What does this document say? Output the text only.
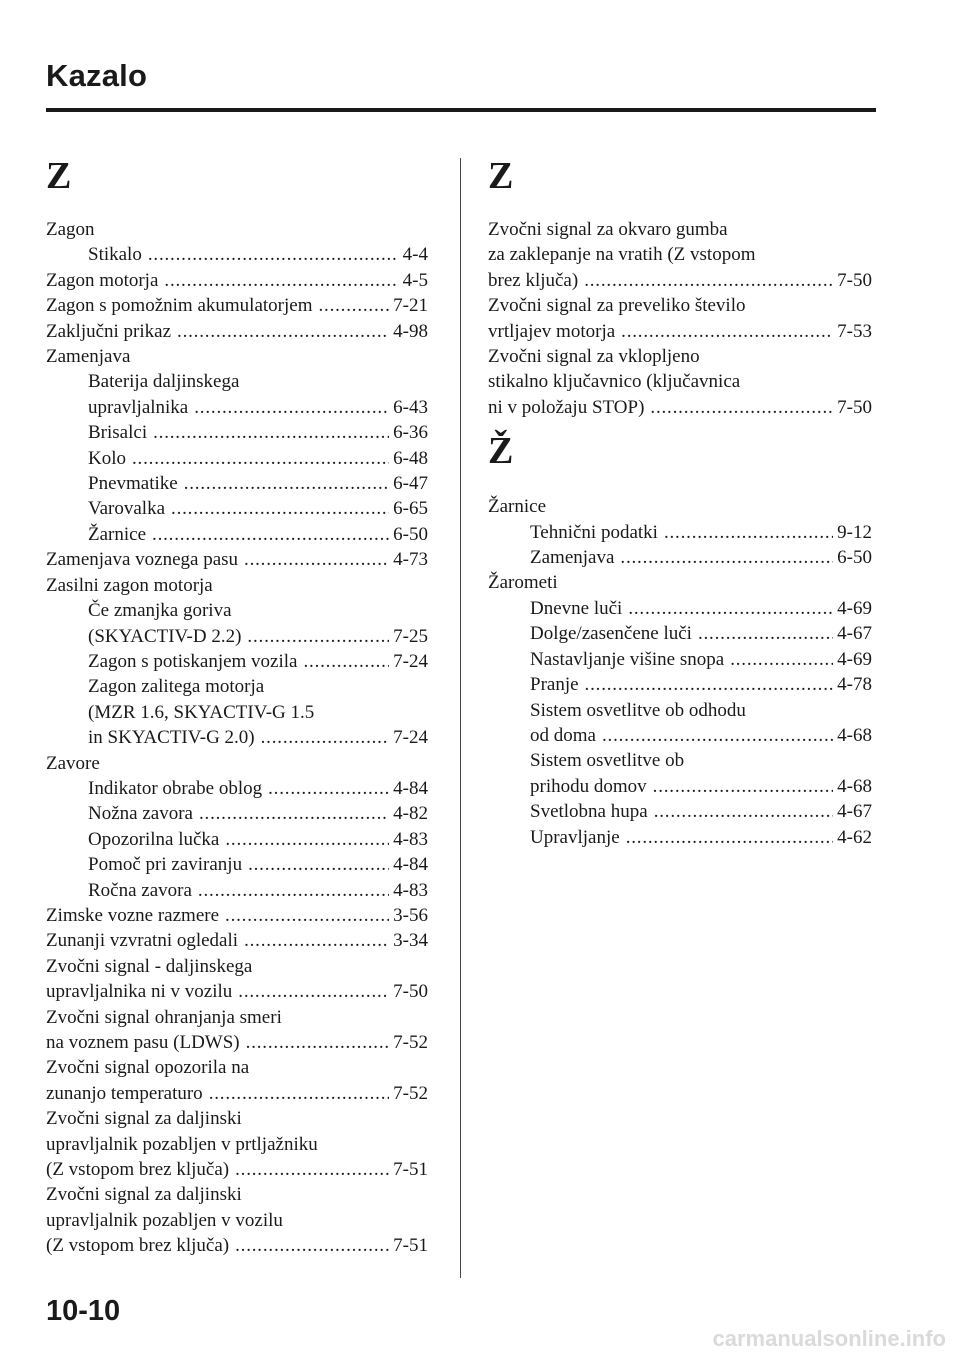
Kazalo
Z
Zagon
Stikalo .....	4-4
Zagon motorja .....	4-5
Zagon s pomožnim akumulatorjem .....	7-21
Zaključni prikaz .....	4-98
Zamenjava
Baterija daljinskega
upravljalnika .....	6-43
Brisalci .....	6-36
Kolo .....	6-48
Pnevmatike .....	6-47
Varovalka .....	6-65
Žarnice .....	6-50
Zamenjava voznega pasu .....	4-73
Zasilni zagon motorja
Če zmanjka goriva
(SKYACTIV-D 2.2) .....	7-25
Zagon s potiskanjem vozila .....	7-24
Zagon zalitega motorja
(MZR 1.6, SKYACTIV-G 1.5
in SKYACTIV-G 2.0) .....	7-24
Zavore
Indikator obrabe oblog .....	4-84
Nožna zavora .....	4-82
Opozorilna lučka .....	4-83
Pomoč pri zaviranju .....	4-84
Ročna zavora .....	4-83
Zimske vozne razmere .....	3-56
Zunanji vzvratni ogledali .....	3-34
Zvočni signal - daljinskega
upravljalnika ni v vozilu .....	7-50
Zvočni signal ohranjanja smeri
na voznem pasu (LDWS) .....	7-52
Zvočni signal opozorila na
zunanjo temperaturo .....	7-52
Zvočni signal za daljinski
upravljalnik pozabljen v prtljažniku
(Z vstopom brez ključa) .....	7-51
Zvočni signal za daljinski
upravljalnik pozabljen v vozilu
(Z vstopom brez ključa) .....	7-51
Z
Zvočni signal za okvaro gumba
za zaklepanje na vratih (Z vstopom
brez ključa) .....	7-50
Zvočni signal za preveliko število
vrtljajev motorja .....	7-53
Zvočni signal za vklopljeno
stikalno ključavnico (ključavnica
ni v položaju STOP) .....	7-50
Ž
Žarnice
Tehnični podatki .....	9-12
Zamenjava .....	6-50
Žarometi
Dnevne luči .....	4-69
Dolge/zasenčene luči .....	4-67
Nastavljanje višine snopa .....	4-69
Pranje .....	4-78
Sistem osvetlitve ob odhodu
od doma .....	4-68
Sistem osvetlitve ob
prihodu domov .....	4-68
Svetlobna hupa .....	4-67
Upravljanje .....	4-62
10-10
carmanualsonline.info
